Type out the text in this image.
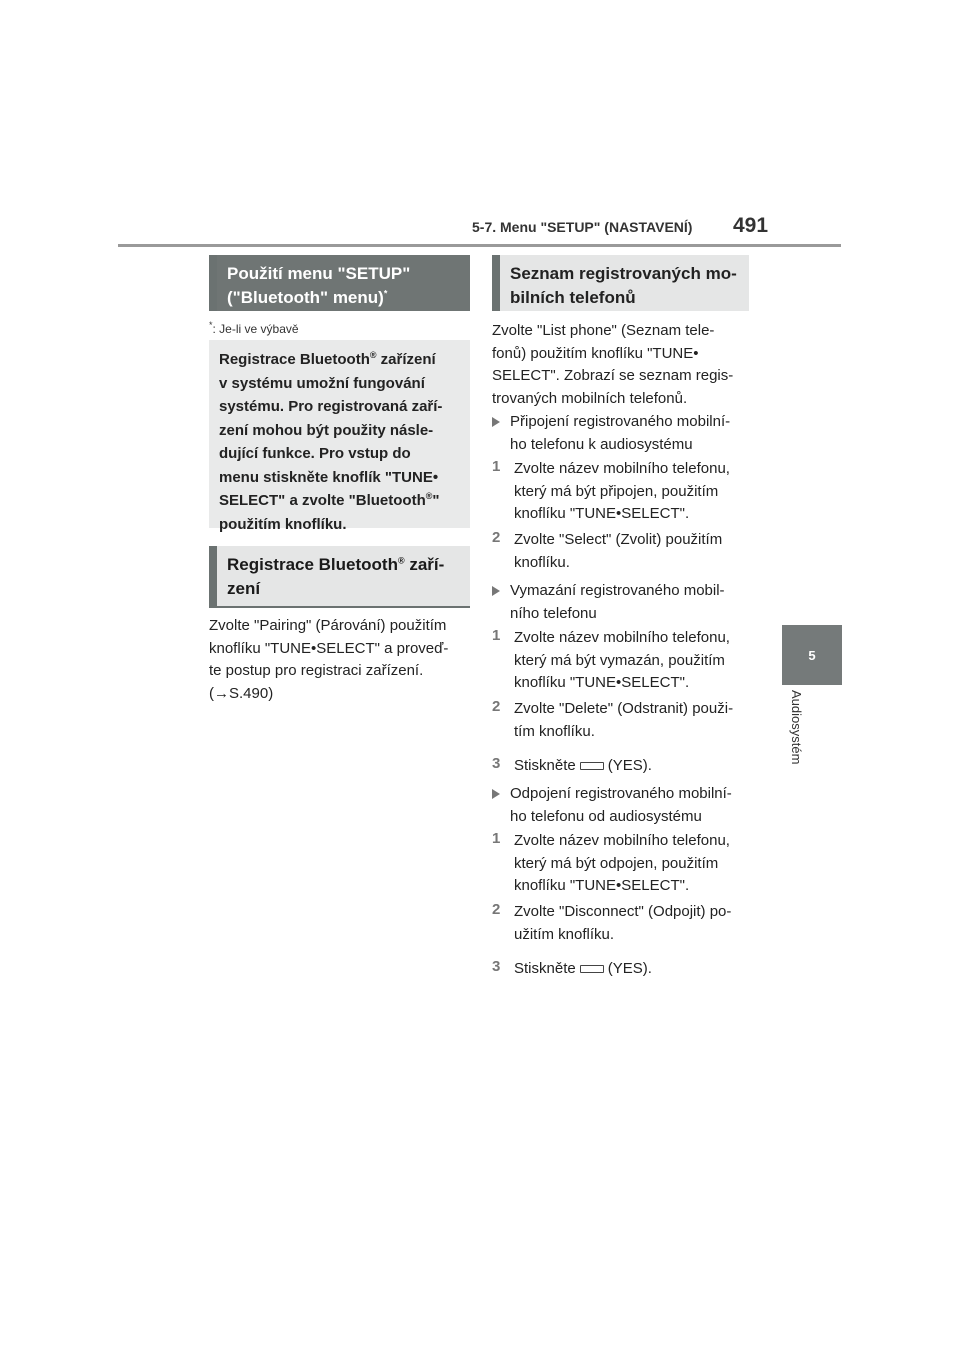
5-7. Menu "SETUP" (NASTAVENÍ) 491
5
Audiosystém
Použití menu "SETUP"
("Bluetooth" menu)*
*: Je-li ve výbavě

Registrace Bluetooth® zařízení
v systému umožní fungování
systému. Pro registrovaná zaří-
zení mohou být použity násle-
dující funkce. Pro vstup do
menu stiskněte knoflík "TUNE•
SELECT" a zvolte "Bluetooth®"
použitím knoflíku.

Registrace Bluetooth® zaří-
zení

Zvolte "Pairing" (Párování) použitím
knoflíku "TUNE•SELECT" a proveď-
te postup pro registraci zařízení.
(→S.490)

Seznam registrovaných mo-
bilních telefonů

Zvolte "List phone" (Seznam tele-
fonů) použitím knoflíku "TUNE•
SELECT". Zobrazí se seznam regis-
trovaných mobilních telefonů.

Připojení registrovaného mobilní-
ho telefonu k audiosystému
1 Zvolte název mobilního telefonu,
který má být připojen, použitím
knoflíku "TUNE•SELECT".
2 Zvolte "Select" (Zvolit) použitím
knoflíku.
Vymazání registrovaného mobil-
ního telefonu
1 Zvolte název mobilního telefonu,
který má být vymazán, použitím
knoflíku "TUNE•SELECT".
2 Zvolte "Delete" (Odstranit) použi-
tím knoflíku.
3 Stiskněte (YES).
Odpojení registrovaného mobilní-
ho telefonu od audiosystému
1 Zvolte název mobilního telefonu,
který má být odpojen, použitím
knoflíku "TUNE•SELECT".
2 Zvolte "Disconnect" (Odpojit) po-
užitím knoflíku.
3 Stiskněte (YES).
